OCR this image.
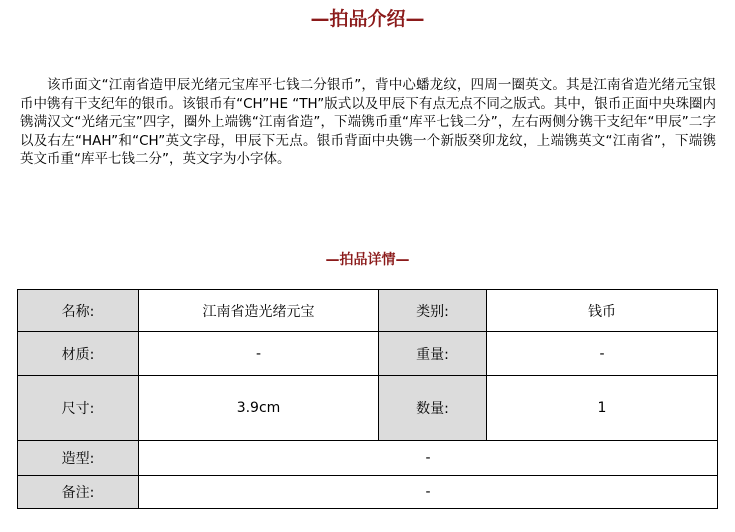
—拍品介绍—

该币面文“江南省造甲辰光绪元宝库平七钱二分银币”，背中心蟠龙纹，四周一圈英文。其是江南省造光绪元宝银币中镌有干支纪年的银币。该银币有“CH”HE “TH”版式以及甲辰下有点无点不同之版式。其中，银币正面中央珠圈内镌满汉文“光绪元宝”四字，圈外上端镌“江南省造”，下端镌币重“库平七钱二分”，左右两侧分镌干支纪年“甲辰”二字以及右左“HAH”和“CH”英文字母，甲辰下无点。银币背面中央镌一个新版癸卯龙纹，上端镌英文“江南省”，下端镌英文币重“库平七钱二分”，英文字为小字体。

—拍品详情—
名称:	江南省造光绪元宝	类别:	钱币
材质:	-	重量:	-
尺寸:	3.9cm	数量:	1
造型:	-		
备注:	-		
